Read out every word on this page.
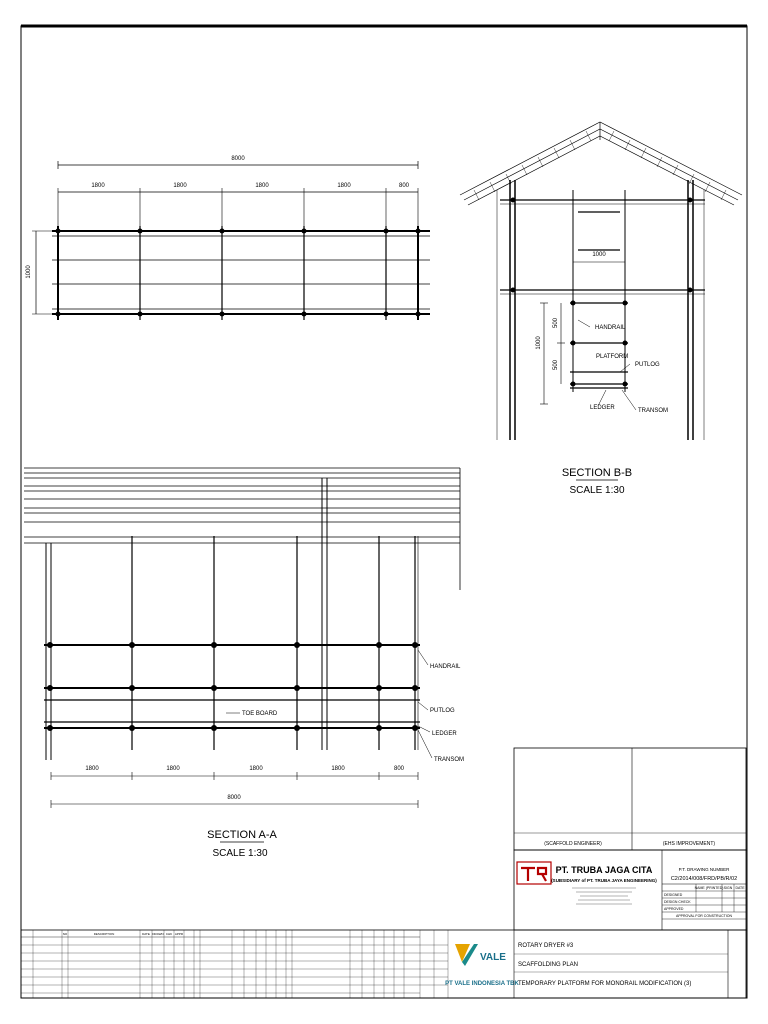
8000
1800	1800	1800	1800	800
1000
1000
500
500
1000
HANDRAIL
PLATFORM
PUTLOG
LEDGER	TRANSOM
SECTION B-B
SCALE 1:30
HANDRAIL
TOE BOARD	PUTLOG
LEDGER
TRANSOM
1800	1800	1800	1800	800
8000
SECTION A-A
SCALE 1:30
(SCAFFOLD ENGINEER)	(EHS IMPROVEMENT)
PT. TRUBA JAGA CITA
(SUBSIDIARY of PT. TRUBA JAYA ENGINEERING)
P.T. DRAWING NUMBER
C2/2014/008/FRD/PB/R/02
NAME (PRINTED) SIGN DATE
DESIGNED
DESIGN CHECK
APPROVED
APPROVAL FOR CONSTRUCTION
NO	DESCRIPTION	DATE DRAWN CHK APPR
VALE
PT VALE INDONESIA TBK
ROTARY DRYER #3
SCAFFOLDING PLAN
TEMPORARY PLATFORM FOR MONORAIL MODIFICATION (3)
